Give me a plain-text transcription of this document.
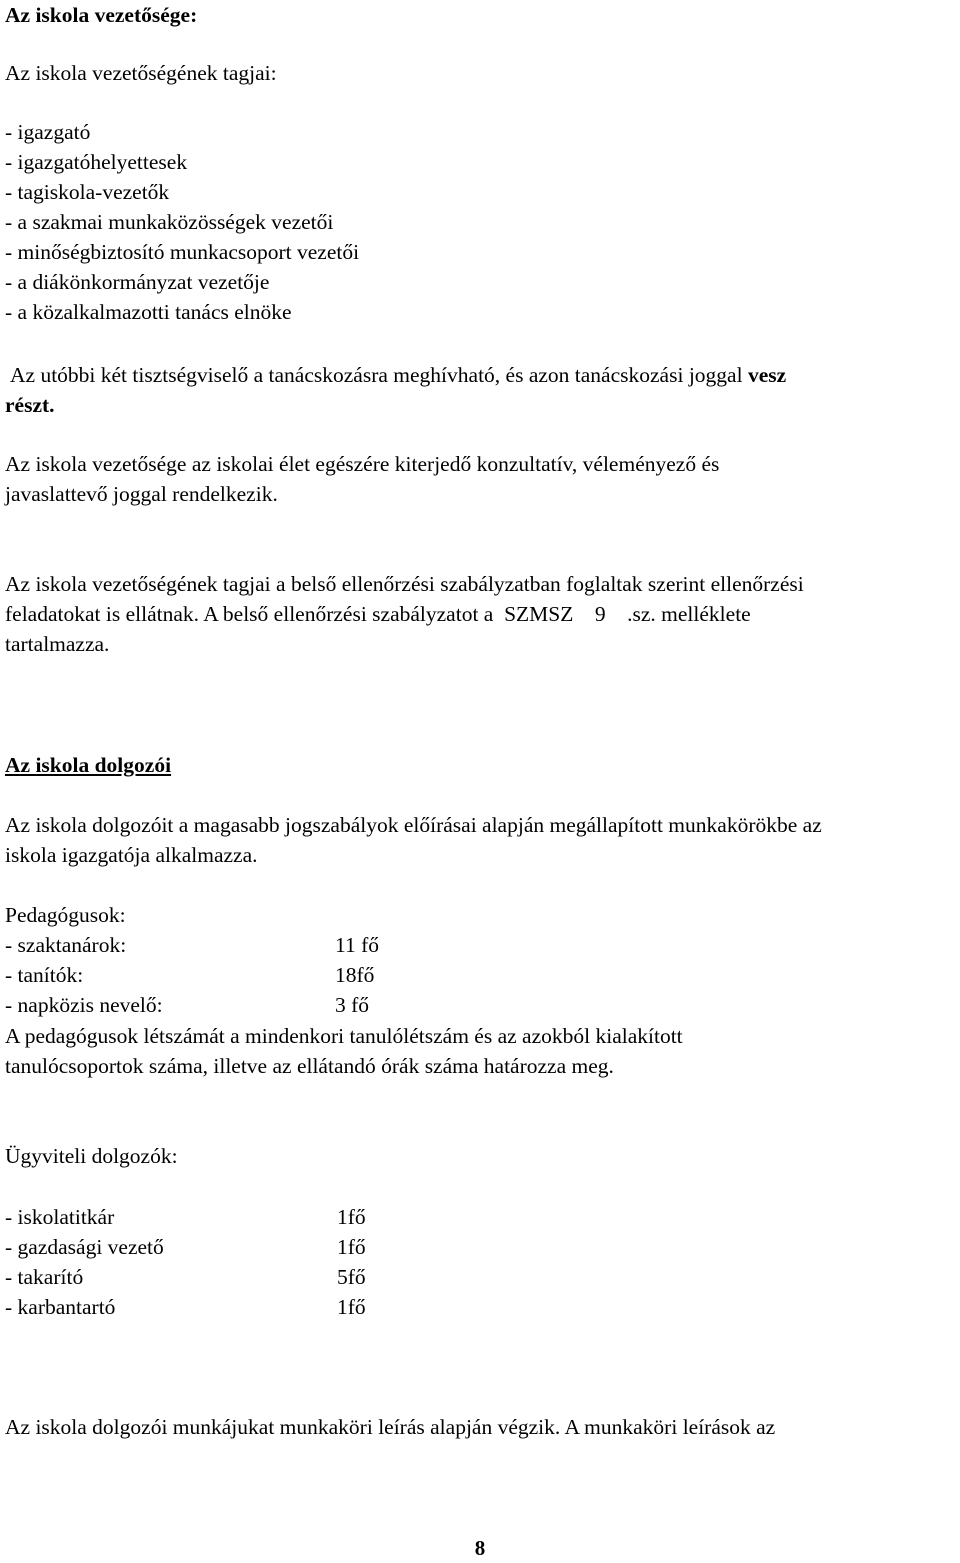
Az iskola vezetősége:
Az iskola vezetőségének tagjai:
- igazgató
- igazgatóhelyettesek
- tagiskola-vezetők
- a szakmai munkaközösségek vezetői
- minőségbiztosító munkacsoport vezetői
- a diákönkormányzat vezetője
- a közalkalmazotti tanács elnöke
Az utóbbi két tisztségviselő a tanácskozásra meghívható, és azon tanácskozási joggal vesz
részt.
Az iskola vezetősége az iskolai élet egészére kiterjedő konzultatív, véleményező és
javaslattevő joggal rendelkezik.
Az iskola vezetőségének tagjai a belső ellenőrzési szabályzatban foglaltak szerint ellenőrzési
feladatokat is ellátnak. A belső ellenőrzési szabályzatot a  SZMSZ    9    .sz. melléklete
tartalmazza.
Az iskola dolgozói
Az iskola dolgozóit a magasabb jogszabályok előírásai alapján megállapított munkakörökbe az
iskola igazgatója alkalmazza.
Pedagógusok:
- szaktanárok:	11 fő
- tanítók:	18fő
- napközis nevelő:	3 fő
A pedagógusok létszámát a mindenkori tanulólétszám és az azokból kialakított
tanulócsoportok száma, illetve az ellátandó órák száma határozza meg.
Ügyviteli dolgozók:
- iskolatitkár	1fő
- gazdasági vezető	1fő
- takarító	5fő
- karbantartó	1fő
Az iskola dolgozói munkájukat munkaköri leírás alapján végzik. A munkaköri leírások az
8
